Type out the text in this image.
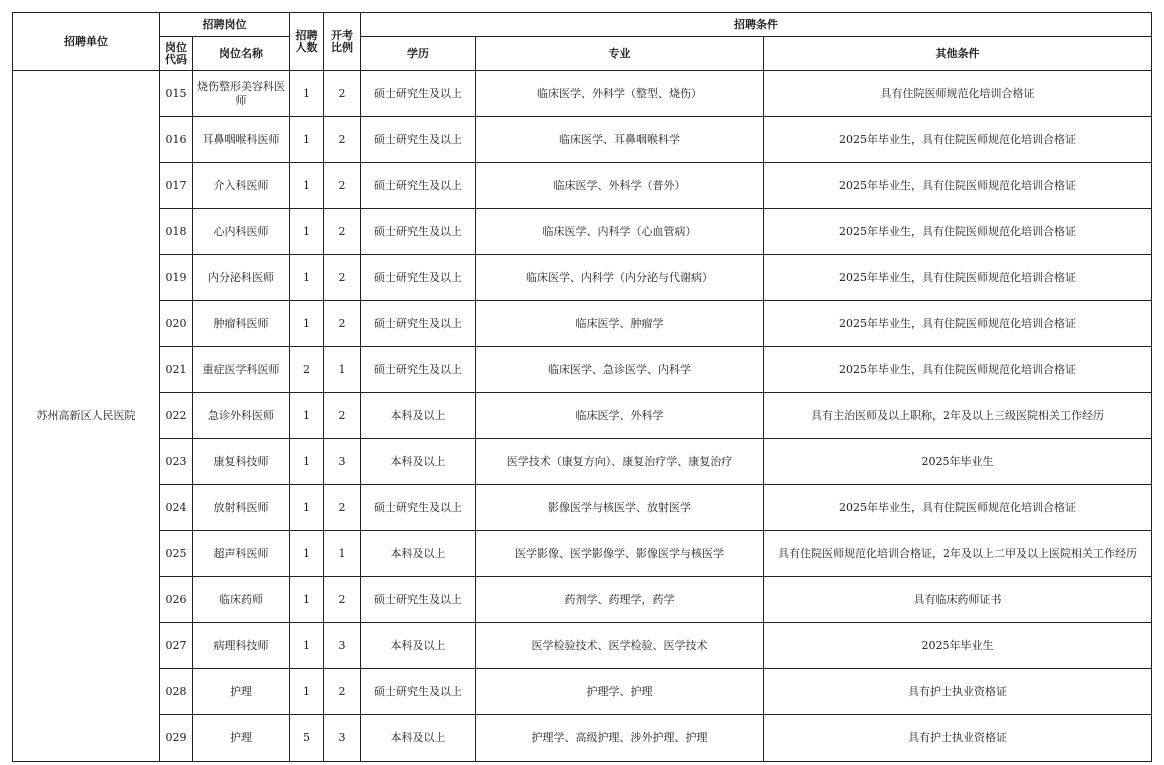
招聘单位	招聘岗位		招聘人数	开考比例	招聘条件		
	岗位代码	岗位名称			学历	专业	其他条件
苏州高新区人民医院	015	烧伤整形美容科医师	1	2	硕士研究生及以上	临床医学、外科学（整型、烧伤）	具有住院医师规范化培训合格证
	016	耳鼻咽喉科医师	1	2	硕士研究生及以上	临床医学、耳鼻咽喉科学	2025年毕业生，具有住院医师规范化培训合格证
	017	介入科医师	1	2	硕士研究生及以上	临床医学、外科学（普外）	2025年毕业生，具有住院医师规范化培训合格证
	018	心内科医师	1	2	硕士研究生及以上	临床医学、内科学（心血管病）	2025年毕业生，具有住院医师规范化培训合格证
	019	内分泌科医师	1	2	硕士研究生及以上	临床医学、内科学（内分泌与代谢病）	2025年毕业生，具有住院医师规范化培训合格证
	020	肿瘤科医师	1	2	硕士研究生及以上	临床医学、肿瘤学	2025年毕业生，具有住院医师规范化培训合格证
	021	重症医学科医师	2	1	硕士研究生及以上	临床医学、急诊医学、内科学	2025年毕业生，具有住院医师规范化培训合格证
	022	急诊外科医师	1	2	本科及以上	临床医学、外科学	具有主治医师及以上职称，2年及以上三级医院相关工作经历
	023	康复科技师	1	3	本科及以上	医学技术（康复方向）、康复治疗学、康复治疗	2025年毕业生
	024	放射科医师	1	2	硕士研究生及以上	影像医学与核医学、放射医学	2025年毕业生，具有住院医师规范化培训合格证
	025	超声科医师	1	1	本科及以上	医学影像、医学影像学、影像医学与核医学	具有住院医师规范化培训合格证，2年及以上二甲及以上医院相关工作经历
	026	临床药师	1	2	硕士研究生及以上	药剂学、药理学，药学	具有临床药师证书
	027	病理科技师	1	3	本科及以上	医学检验技术、医学检验、医学技术	2025年毕业生
	028	护理	1	2	硕士研究生及以上	护理学、护理	具有护士执业资格证
	029	护理	5	3	本科及以上	护理学、高级护理、涉外护理、护理	具有护士执业资格证
